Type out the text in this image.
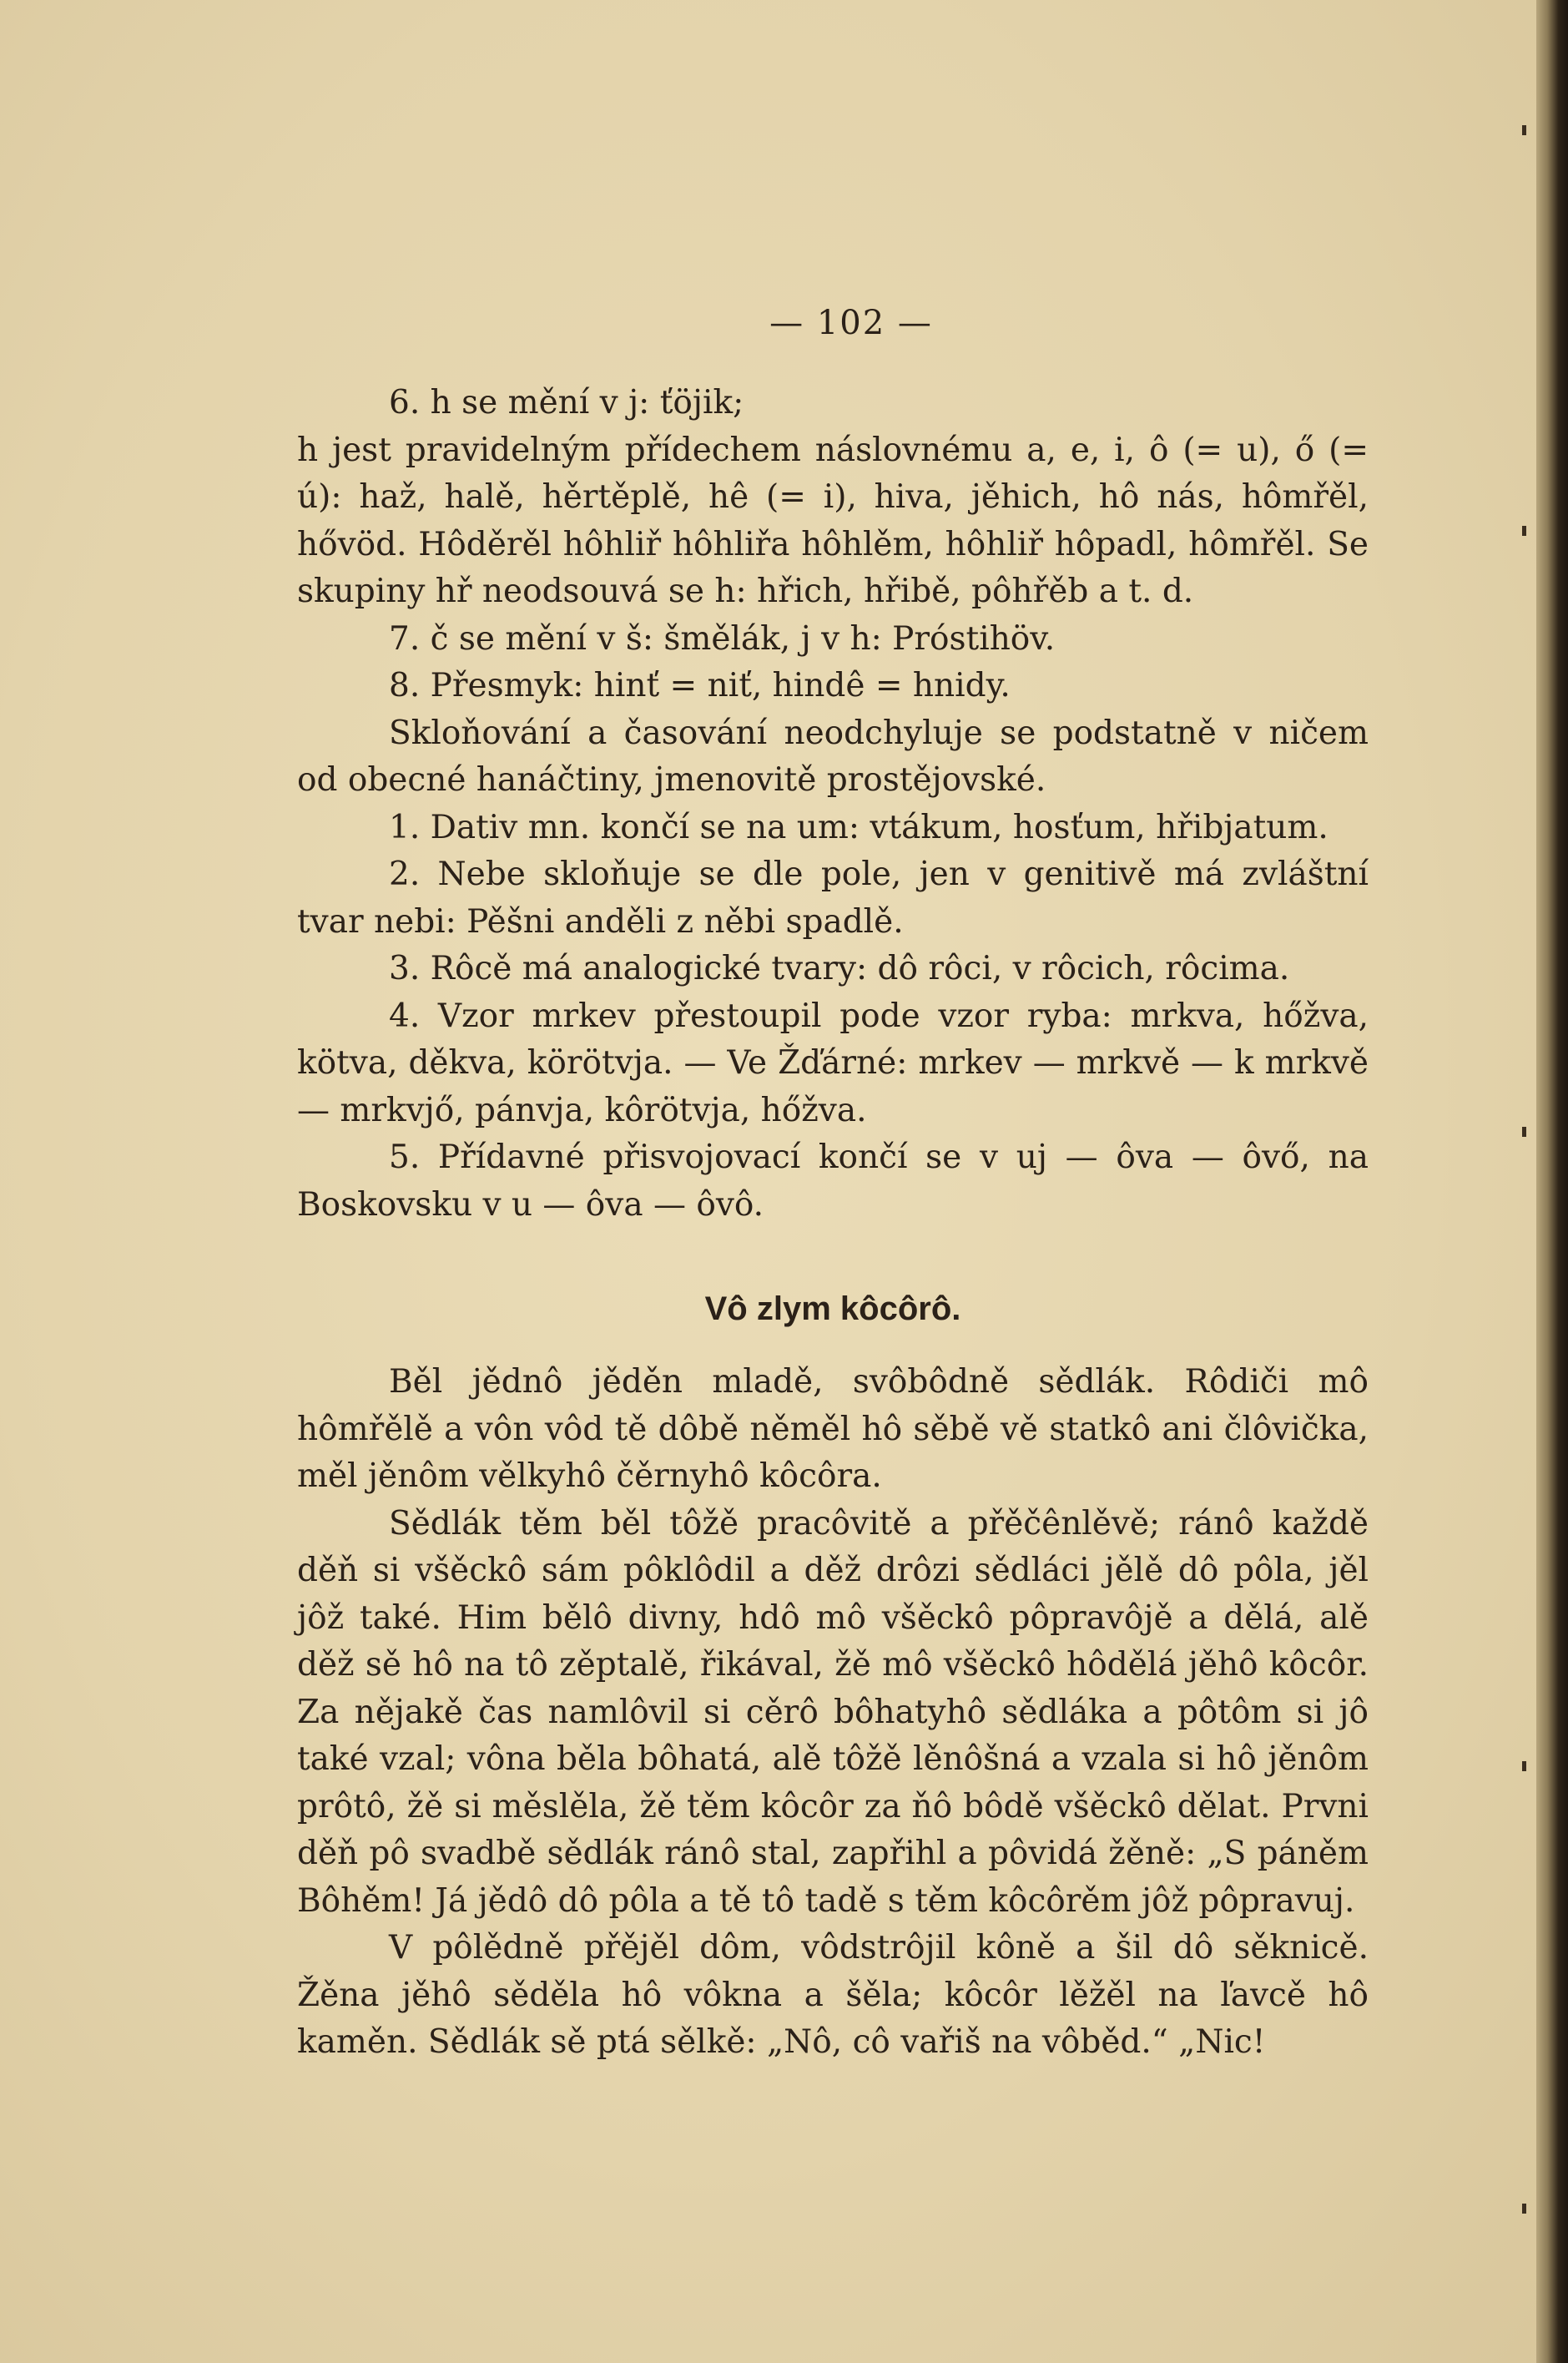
— 102 —

6. h se mění v j: ťöjik;

h jest pravidelným přídechem náslovnému a, e, i, ô (= u), ő (= ú): haž, halě, hěrtěplě, hê (= i), hiva, jěhich, hô nás, hômřěl, hővöd. Hôděrěl hôhliř hôhliřa hôhlěm, hôhliř hôpadl, hômřěl. Se skupiny hř neodsouvá se h: hřich, hřibě, pôhřěb a t. d.

7. č se mění v š: šmělák, j v h: Próstihöv.

8. Přesmyk: hinť = niť, hindê = hnidy.

Skloňování a časování neodchyluje se podstatně v ničem od obecné hanáčtiny, jmenovitě prostějovské.

1. Dativ mn. končí se na um: vtákum, hosťum, hřibjatum.

2. Nebe skloňuje se dle pole, jen v genitivě má zvláštní tvar nebi: Pěšni anděli z něbi spadlě.

3. Rôcě má analogické tvary: dô rôci, v rôcich, rôcima.

4. Vzor mrkev přestoupil pode vzor ryba: mrkva, hőžva, kötva, děkva, körötvja. — Ve Žďárné: mrkev — mrkvě — k mrkvě — mrkvjő, pánvja, kôrötvja, hőžva.

5. Přídavné přisvojovací končí se v uj — ôva — ôvő, na Boskovsku v u — ôva — ôvô.

Vô zlym kôcôrô.

Běl jědnô jěděn mladě, svôbôdně sědlák. Rôdiči mô hômřělě a vôn vôd tě dôbě něměl hô sěbě vě statkô ani člôvička, měl jěnôm vělkyhô čěrnyhô kôcôra.

Sědlák těm běl tôžě pracôvitě a přěčênlěvě; ránô každě děň si všěckô sám pôklôdil a děž drôzi sědláci jělě dô pôla, jěl jôž také. Him bělô divny, hdô mô všěckô pôpravôjě a dělá, alě děž sě hô na tô zěptalě, řikával, žě mô všěckô hôdělá jěhô kôcôr. Za nějakě čas namlôvil si cěrô bôhatyhô sědláka a pôtôm si jô také vzal; vôna běla bôhatá, alě tôžě lěnôšná a vzala si hô jěnôm prôtô, žě si měslěla, žě těm kôcôr za ňô bôdě všěckô dělat. Prvni děň pô svadbě sědlák ránô stal, zapřihl a pôvidá žěně: „S páněm Bôhěm! Já jědô dô pôla a tě tô tadě s těm kôcôrěm jôž pôpravuj.

V pôlědně přějěl dôm, vôdstrôjil kôně a šil dô sěknicě. Žěna jěhô sěděla hô vôkna a šěla; kôcôr lěžěl na ľavcě hô kaměn. Sědlák sě ptá sělkě: „Nô, cô vařiš na vôběd.“ „Nic!
